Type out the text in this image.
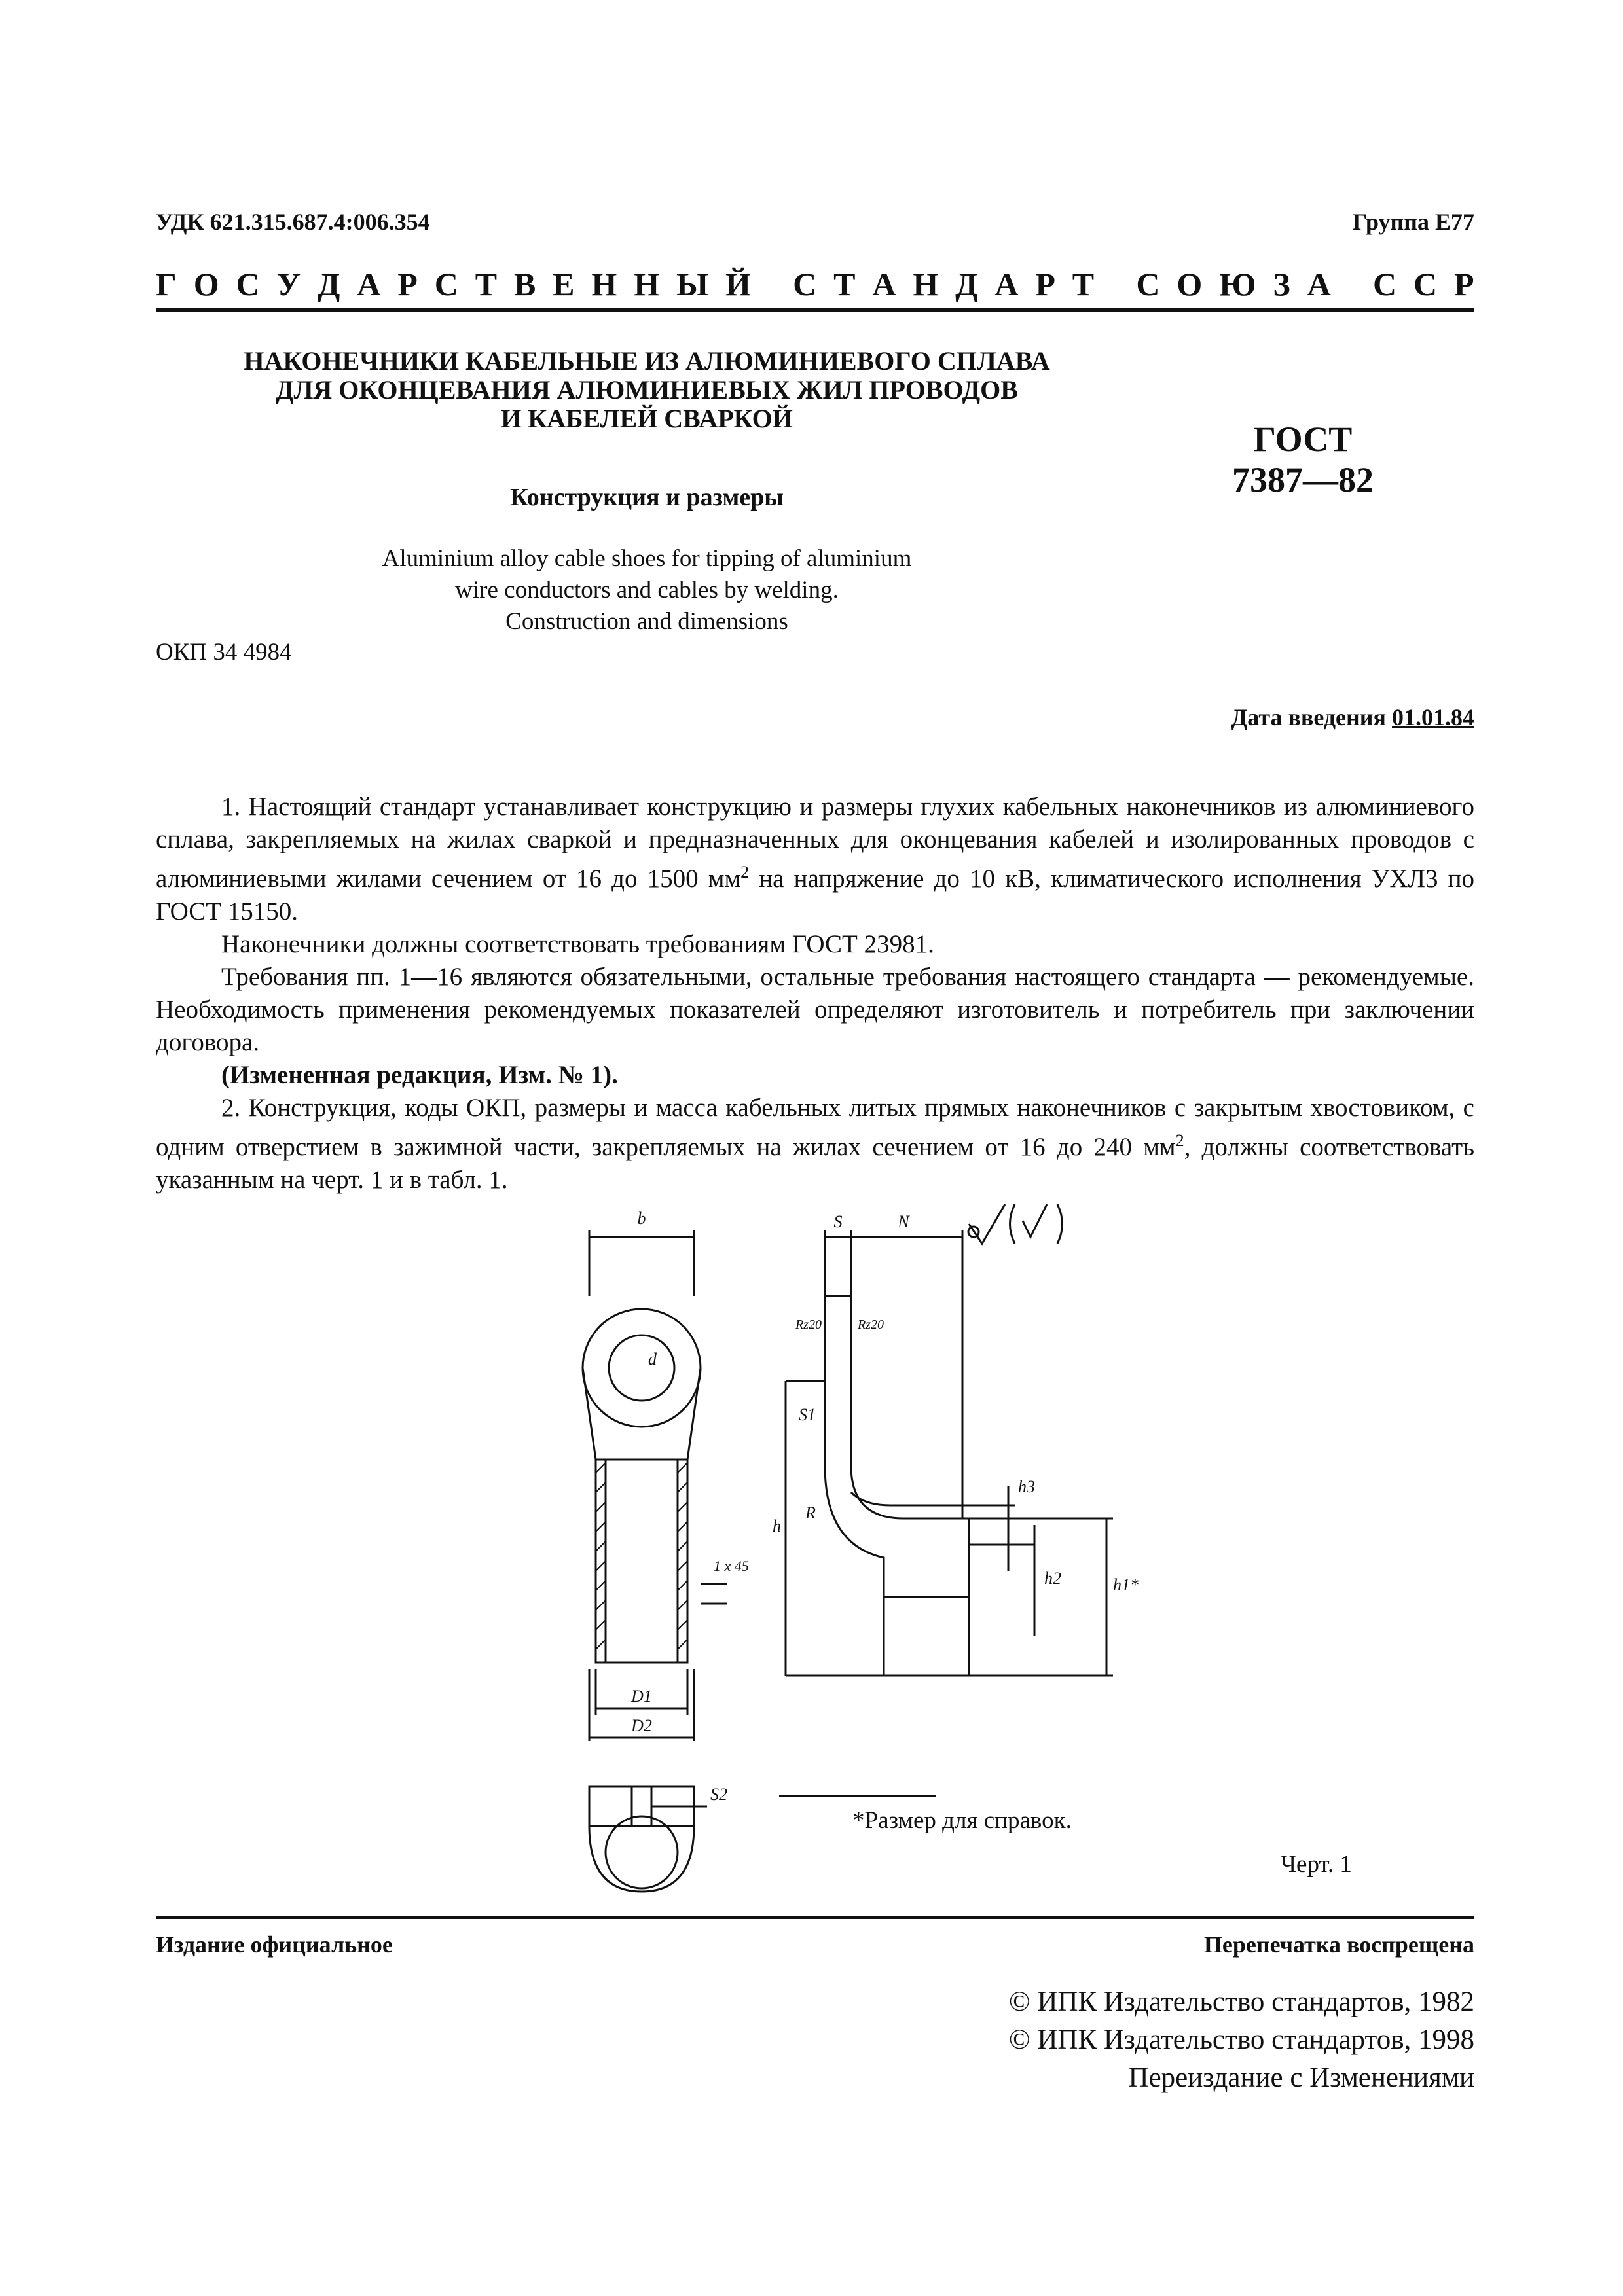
УДК 621.315.687.4:006.354	Группа Е77
Г О С У Д А Р С Т В Е Н Н Ы Й
С Т А Н Д А Р Т
С О Ю З А
С С Р
НАКОНЕЧНИКИ КАБЕЛЬНЫЕ ИЗ АЛЮМИНИЕВОГО СПЛАВА
ДЛЯ ОКОНЦЕВАНИЯ АЛЮМИНИЕВЫХ ЖИЛ ПРОВОДОВ
И КАБЕЛЕЙ СВАРКОЙ
ГОСТ
7387—82
Конструкция и размеры
Aluminium alloy cable shoes for tipping of aluminium
wire conductors and cables by welding.
Construction and dimensions
ОКП 34 4984
Дата введения 01.01.84

1. Настоящий стандарт устанавливает конструкцию и размеры глухих кабельных наконечников из алюминиевого сплава, закрепляемых на жилах сваркой и предназначенных для оконцевания кабелей и изолированных проводов с алюминиевыми жилами сечением от 16 до 1500 $мм^2$ на напряжение до 10 кВ, климатического исполнения УХЛ3 по ГОСТ 15150.

Наконечники должны соответствовать требованиям ГОСТ 23981.

Требования пп. 1—16 являются обязательными, остальные требования настоящего стандарта — рекомендуемые. Необходимость применения рекомендуемых показателей определяют изготовитель и потребитель при заключении договора.

(Измененная редакция, Изм. № 1).

2. Конструкция, коды ОКП, размеры и масса кабельных литых прямых наконечников с закрытым хвостовиком, с одним отверстием в зажимной части, закрепляемых на жилах сечением от 16 до 240 $мм^2$, должны соответствовать указанным на черт. 1 и в табл. 1.

b
d
1 x 45
D1
D2
S	N
S1
S2
R
h
h1*
h2
h3
Rz20	Rz20
*Размер для справок.
Черт. 1
Издание официальное	Перепечатка воспрещена
© ИПК Издательство стандартов, 1982
© ИПК Издательство стандартов, 1998
Переиздание с Изменениями
